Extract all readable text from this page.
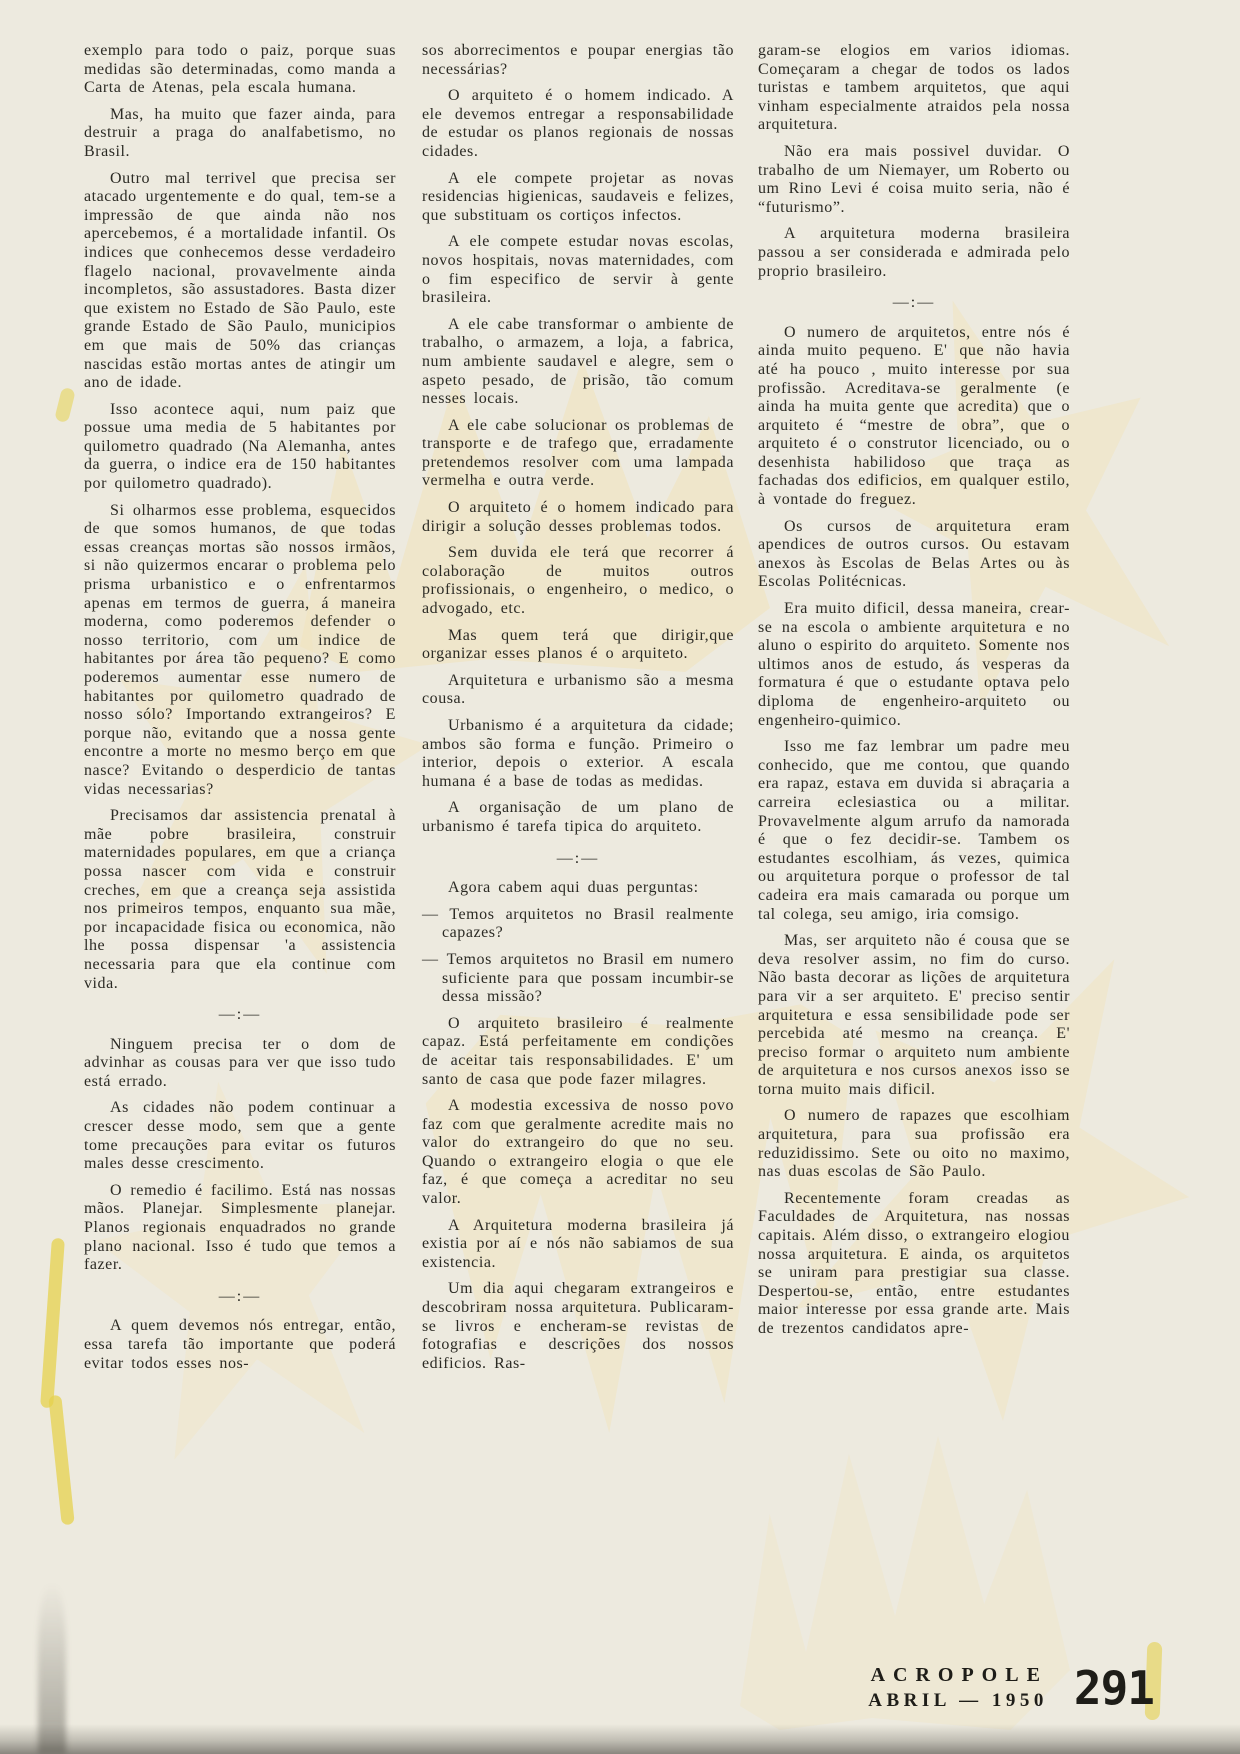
exemplo para todo o paiz, porque suas medidas são determinadas, como manda a Carta de Atenas, pela escala humana.

Mas, ha muito que fazer ainda, para destruir a praga do analfabetismo, no Brasil.

Outro mal terrivel que precisa ser atacado urgentemente e do qual, tem-se a impressão de que ainda não nos apercebemos, é a mortalidade infantil. Os indices que conhecemos desse verdadeiro flagelo nacional, provavelmente ainda incompletos, são assustadores. Basta dizer que existem no Estado de São Paulo, este grande Estado de São Paulo, municipios em que mais de 50% das crianças nascidas estão mortas antes de atingir um ano de idade.

Isso acontece aqui, num paiz que possue uma media de 5 habitantes por quilometro quadrado (Na Alemanha, antes da guerra, o indice era de 150 habitantes por quilometro quadrado).

Si olharmos esse problema, esquecidos de que somos humanos, de que todas essas creanças mortas são nossos irmãos, si não quizermos encarar o problema pelo prisma urbanistico e o enfrentarmos apenas em termos de guerra, á maneira moderna, como poderemos defender o nosso territorio, com um indice de habitantes por área tão pequeno? E como poderemos aumentar esse numero de habitantes por quilometro quadrado de nosso sólo? Importando extrangeiros? E porque não, evitando que a nossa gente encontre a morte no mesmo berço em que nasce? Evitando o desperdicio de tantas vidas necessarias?

Precisamos dar assistencia prenatal à mãe pobre brasileira, construir maternidades populares, em que a criança possa nascer com vida e construir creches, em que a creança seja assistida nos primeiros tempos, enquanto sua mãe, por incapacidade fisica ou economica, não lhe possa dispensar 'a assistencia necessaria para que ela continue com vida.

—:—

Ninguem precisa ter o dom de advinhar as cousas para ver que isso tudo está errado.

As cidades não podem continuar a crescer desse modo, sem que a gente tome precauções para evitar os futuros males desse crescimento.

O remedio é facilimo. Está nas nossas mãos. Planejar. Simplesmente planejar. Planos regionais enquadrados no grande plano nacional. Isso é tudo que temos a fazer.

—:—

A quem devemos nós entregar, então, essa tarefa tão importante que poderá evitar todos esses nos-

sos aborrecimentos e poupar energias tão necessárias?

O arquiteto é o homem indicado. A ele devemos entregar a responsabilidade de estudar os planos regionais de nossas cidades.

A ele compete projetar as novas residencias higienicas, saudaveis e felizes, que substituam os cortiços infectos.

A ele compete estudar novas escolas, novos hospitais, novas maternidades, com o fim especifico de servir à gente brasileira.

A ele cabe transformar o ambiente de trabalho, o armazem, a loja, a fabrica, num ambiente saudavel e alegre, sem o aspeto pesado, de prisão, tão comum nesses locais.

A ele cabe solucionar os problemas de transporte e de trafego que, erradamente pretendemos resolver com uma lampada vermelha e outra verde.

O arquiteto é o homem indicado para dirigir a solução desses problemas todos.

Sem duvida ele terá que recorrer á colaboração de muitos outros profissionais, o engenheiro, o medico, o advogado, etc.

Mas quem terá que dirigir,que organizar esses planos é o arquiteto.

Arquitetura e urbanismo são a mesma cousa.

Urbanismo é a arquitetura da cidade; ambos são forma e função. Primeiro o interior, depois o exterior. A escala humana é a base de todas as medidas.

A organisação de um plano de urbanismo é tarefa tipica do arquiteto.

—:—

Agora cabem aqui duas perguntas:

— Temos arquitetos no Brasil realmente capazes?

— Temos arquitetos no Brasil em numero suficiente para que possam incumbir-se dessa missão?

O arquiteto brasileiro é realmente capaz. Está perfeitamente em condições de aceitar tais responsabilidades. E' um santo de casa que pode fazer milagres.

A modestia excessiva de nosso povo faz com que geralmente acredite mais no valor do extrangeiro do que no seu. Quando o extrangeiro elogia o que ele faz, é que começa a acreditar no seu valor.

A Arquitetura moderna brasileira já existia por aí e nós não sabiamos de sua existencia.

Um dia aqui chegaram extrangeiros e descobriram nossa arquitetura. Publicaram-se livros e encheram-se revistas de fotografias e descrições dos nossos edificios. Ras-

garam-se elogios em varios idiomas. Começaram a chegar de todos os lados turistas e tambem arquitetos, que aqui vinham especialmente atraidos pela nossa arquitetura.

Não era mais possivel duvidar. O trabalho de um Niemayer, um Roberto ou um Rino Levi é coisa muito seria, não é “futurismo”.

A arquitetura moderna brasileira passou a ser considerada e admirada pelo proprio brasileiro.

—:—

O numero de arquitetos, entre nós é ainda muito pequeno. E' que não havia até ha pouco , muito interesse por sua profissão. Acreditava-se geralmente (e ainda ha muita gente que acredita) que o arquiteto é “mestre de obra”, que o arquiteto é o construtor licenciado, ou o desenhista habilidoso que traça as fachadas dos edificios, em qualquer estilo, à vontade do freguez.

Os cursos de arquitetura eram apendices de outros cursos. Ou estavam anexos às Escolas de Belas Artes ou às Escolas Politécnicas.

Era muito dificil, dessa maneira, crear-se na escola o ambiente arquitetura e no aluno o espirito do arquiteto. Somente nos ultimos anos de estudo, ás vesperas da formatura é que o estudante optava pelo diploma de engenheiro-arquiteto ou engenheiro-quimico.

Isso me faz lembrar um padre meu conhecido, que me contou, que quando era rapaz, estava em duvida si abraçaria a carreira eclesiastica ou a militar. Provavelmente algum arrufo da namorada é que o fez decidir-se. Tambem os estudantes escolhiam, ás vezes, quimica ou arquitetura porque o professor de tal cadeira era mais camarada ou porque um tal colega, seu amigo, iria comsigo.

Mas, ser arquiteto não é cousa que se deva resolver assim, no fim do curso. Não basta decorar as lições de arquitetura para vir a ser arquiteto. E' preciso sentir arquitetura e essa sensibilidade pode ser percebida até mesmo na creança. E' preciso formar o arquiteto num ambiente de arquitetura e nos cursos anexos isso se torna muito mais dificil.

O numero de rapazes que escolhiam arquitetura, para sua profissão era reduzidissimo. Sete ou oito no maximo, nas duas escolas de São Paulo.

Recentemente foram creadas as Faculdades de Arquitetura, nas nossas capitais. Além disso, o extrangeiro elogiou nossa arquitetura. E ainda, os arquitetos se uniram para prestigiar sua classe. Despertou-se, então, entre estudantes maior interesse por essa grande arte. Mais de trezentos candidatos apre-

ACROPOLE
ABRIL — 1950 291
